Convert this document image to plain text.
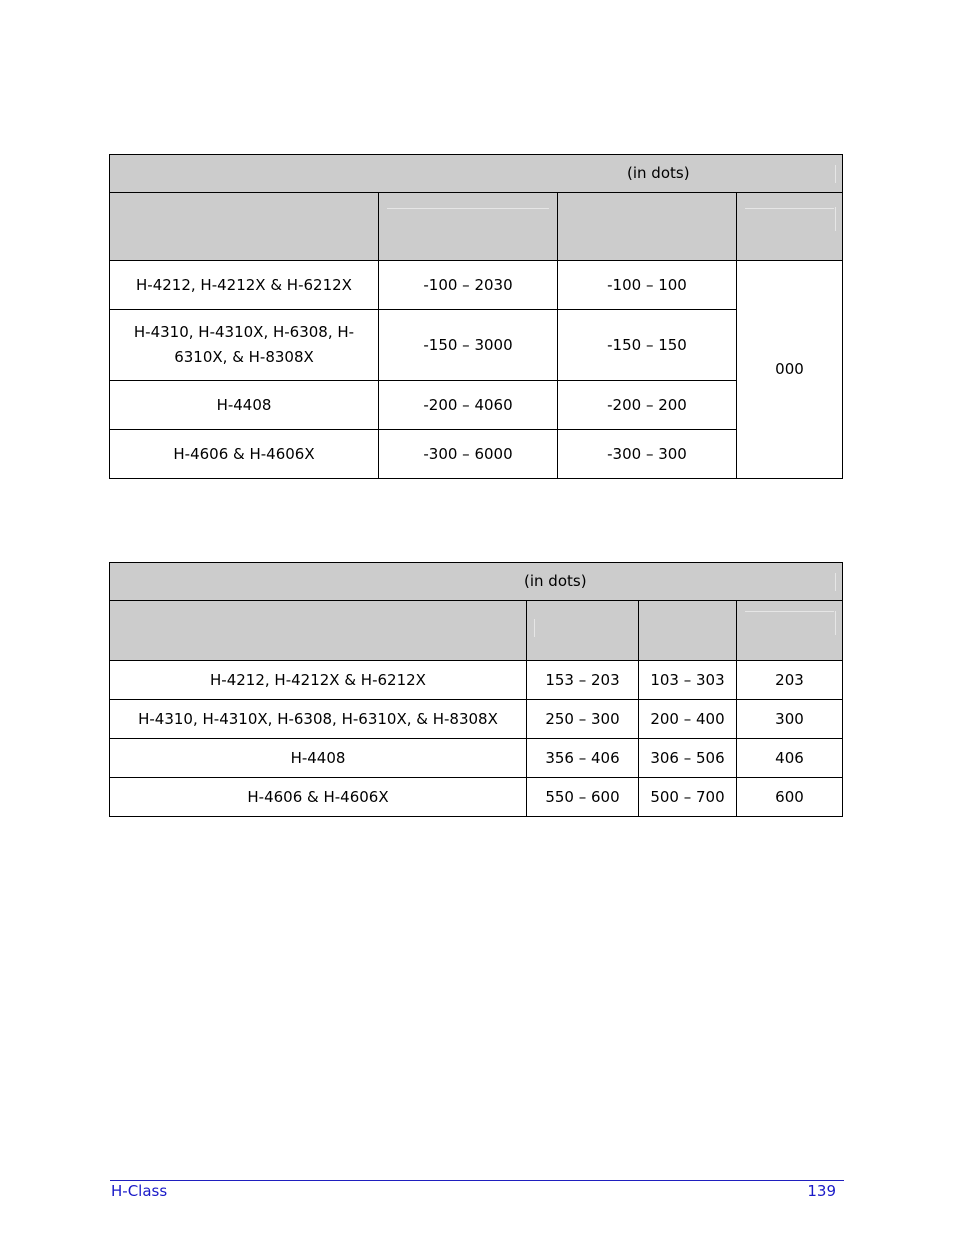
(in dots)			

H-4212, H-4212X & H-6212X	-100 – 2030	-100 – 100	000
H-4310, H-4310X, H-6308, H-6310X, & H-8308X	-150 – 3000	-150 – 150	
H-4408	-200 – 4060	-200 – 200	
H-4606 & H-4606X	-300 – 6000	-300 – 300	
(in dots)			

H-4212, H-4212X & H-6212X	153 – 203	103 – 303	203
H-4310, H-4310X, H-6308, H-6310X, & H-8308X	250 – 300	200 – 400	300
H-4408	356 – 406	306 – 506	406
H-4606 & H-4606X	550 – 600	500 – 700	600
H-Class	139
